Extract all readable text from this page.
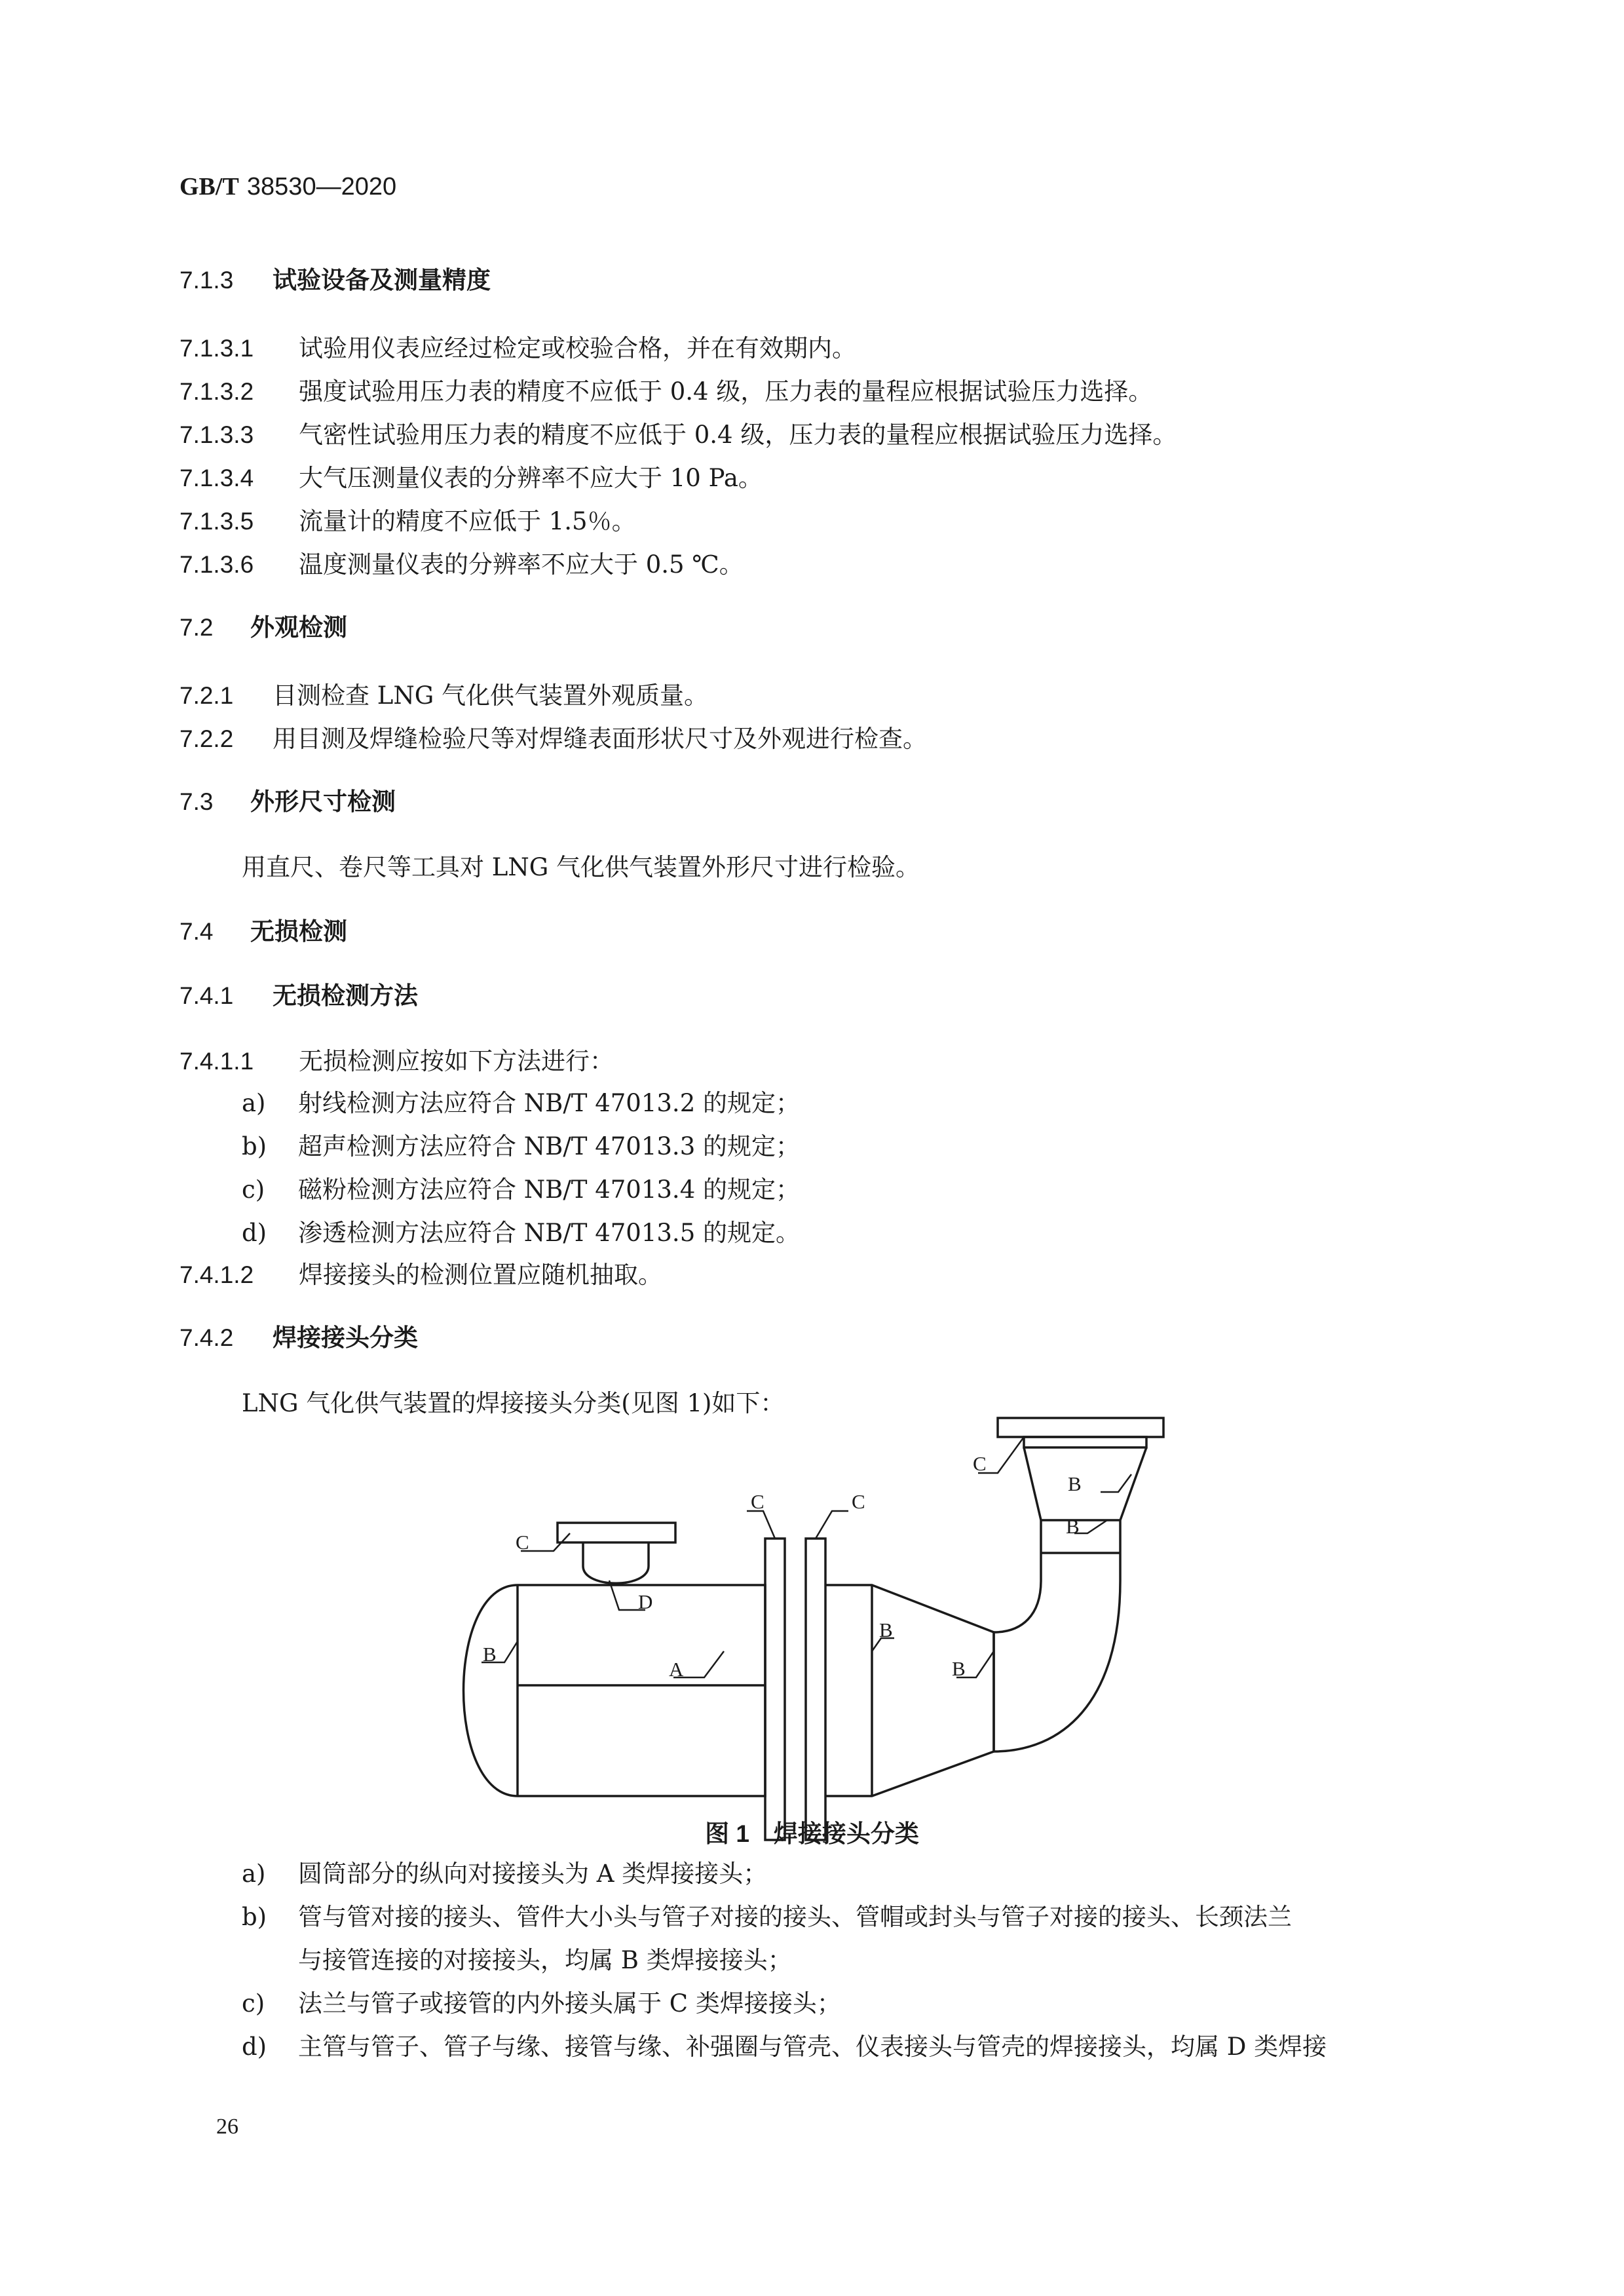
GB/T 38530—2020
7.1.3 试验设备及测量精度
7.1.3.1 试验用仪表应经过检定或校验合格，并在有效期内。
7.1.3.2 强度试验用压力表的精度不应低于 0.4 级，压力表的量程应根据试验压力选择。
7.1.3.3 气密性试验用压力表的精度不应低于 0.4 级，压力表的量程应根据试验压力选择。
7.1.3.4 大气压测量仪表的分辨率不应大于 10 Pa。
7.1.3.5 流量计的精度不应低于 1.5％。
7.1.3.6 温度测量仪表的分辨率不应大于 0.5 ℃。
7.2 外观检测
7.2.1 目测检查 LNG 气化供气装置外观质量。
7.2.2 用目测及焊缝检验尺等对焊缝表面形状尺寸及外观进行检查。
7.3 外形尺寸检测
用直尺、卷尺等工具对 LNG 气化供气装置外形尺寸进行检验。
7.4 无损检测
7.4.1 无损检测方法
7.4.1.1 无损检测应按如下方法进行：
a) 射线检测方法应符合 NB/T 47013.2 的规定；
b) 超声检测方法应符合 NB/T 47013.3 的规定；
c) 磁粉检测方法应符合 NB/T 47013.4 的规定；
d) 渗透检测方法应符合 NB/T 47013.5 的规定。
7.4.1.2 焊接接头的检测位置应随机抽取。
7.4.2 焊接接头分类
LNG 气化供气装置的焊接接头分类(见图 1)如下：
C
D
B
A
C	C
B
B
B
B
C
图 1　焊接接头分类
a) 圆筒部分的纵向对接接头为 A 类焊接接头；
b) 管与管对接的接头、管件大小头与管子对接的接头、管帽或封头与管子对接的接头、长颈法兰
与接管连接的对接接头，均属 B 类焊接接头；
c) 法兰与管子或接管的内外接头属于 C 类焊接接头；
d) 主管与管子、管子与缘、接管与缘、补强圈与管壳、仪表接头与管壳的焊接接头，均属 D 类焊接
26
